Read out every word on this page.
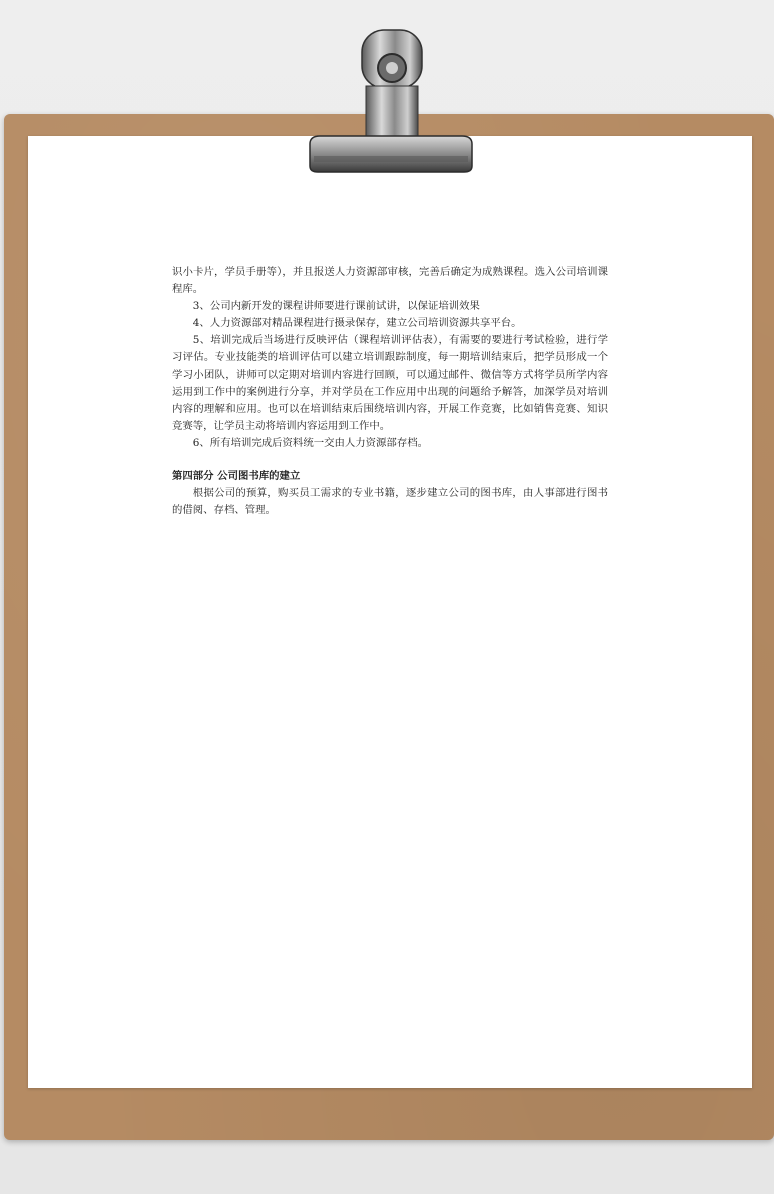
识小卡片，学员手册等），并且报送人力资源部审核，完善后确定为成熟课程。选入公司培训课程库。

3、公司内新开发的课程讲师要进行课前试讲，以保证培训效果

4、人力资源部对精品课程进行摄录保存，建立公司培训资源共享平台。

5、培训完成后当场进行反映评估（课程培训评估表），有需要的要进行考试检验，进行学习评估。专业技能类的培训评估可以建立培训跟踪制度，每一期培训结束后，把学员形成一个学习小团队，讲师可以定期对培训内容进行回顾，可以通过邮件、微信等方式将学员所学内容运用到工作中的案例进行分享，并对学员在工作应用中出现的问题给予解答，加深学员对培训内容的理解和应用。也可以在培训结束后围绕培训内容，开展工作竞赛，比如销售竞赛、知识竞赛等，让学员主动将培训内容运用到工作中。

6、所有培训完成后资料统一交由人力资源部存档。

第四部分 公司图书库的建立

根据公司的预算，购买员工需求的专业书籍，逐步建立公司的图书库，由人事部进行图书的借阅、存档、管理。
